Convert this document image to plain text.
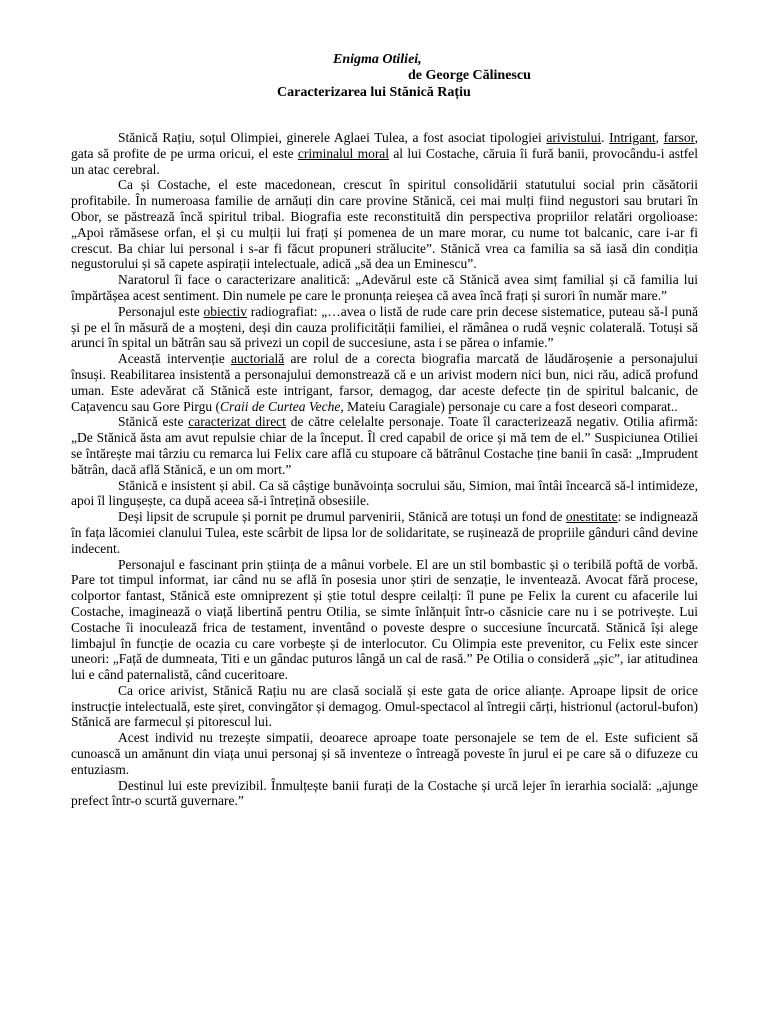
Enigma Otiliei,
de George Călinescu
Caracterizarea lui Stănică Rațiu

Stănică Rațiu, soțul Olimpiei, ginerele Aglaei Tulea, a fost asociat tipologiei arivistului. Intrigant, farsor, gata să profite de pe urma oricui, el este criminalul moral al lui Costache, căruia îi fură banii, provocându-i astfel un atac cerebral.

Ca și Costache, el este macedonean, crescut în spiritul consolidării statutului social prin căsătorii profitabile. În numeroasa familie de arnăuți din care provine Stănică, cei mai mulți fiind negustori sau brutari în Obor, se păstrează încă spiritul tribal. Biografia este reconstituită din perspectiva propriilor relatări orgolioase: „Apoi rămăsese orfan, el și cu mulții lui frați și pomenea de un mare morar, cu nume tot balcanic, care i-ar fi crescut. Ba chiar lui personal i s-ar fi făcut propuneri strălucite”. Stănică vrea ca familia sa să iasă din condiția negustorului și să capete aspirații intelectuale, adică „să dea un Eminescu”.

Naratorul îi face o caracterizare analitică: „Adevărul este că Stănică avea simț familial și că familia lui împărtășea acest sentiment. Din numele pe care le pronunța reieșea că avea încă frați și surori în număr mare.”

Personajul este obiectiv radiografiat: „…avea o listă de rude care prin decese sistematice, puteau să-l pună și pe el în măsură de a moșteni, deși din cauza prolificității familiei, el rămânea o rudă veșnic colaterală. Totuși să arunci în spital un bătrân sau să privezi un copil de succesiune, asta i se părea o infamie.”

Această intervenție auctorială are rolul de a corecta biografia marcată de lăudăroșenie a personajului însuși. Reabilitarea insistentă a personajului demonstrează că e un arivist modern nici bun, nici rău, adică profund uman. Este adevărat că Stănică este intrigant, farsor, demagog, dar aceste defecte țin de spiritul balcanic, de Cațavencu sau Gore Pirgu (Craii de Curtea Veche, Mateiu Caragiale) personaje cu care a fost deseori comparat..

Stănică este caracterizat direct de către celelalte personaje. Toate îl caracterizează negativ. Otilia afirmă: „De Stănică ăsta am avut repulsie chiar de la început. Îl cred capabil de orice și mă tem de el.” Suspiciunea Otiliei se întărește mai târziu cu remarca lui Felix care află cu stupoare că bătrânul Costache ține banii în casă: „Imprudent bătrân, dacă află Stănică, e un om mort.”

Stănică e insistent și abil. Ca să câștige bunăvoința socrului său, Simion, mai întâi încearcă să-l intimideze, apoi îl lingușește, ca după aceea să-i întrețină obsesiile.

Deși lipsit de scrupule și pornit pe drumul parvenirii, Stănică are totuși un fond de onestitate: se indignează în fața lăcomiei clanului Tulea, este scârbit de lipsa lor de solidaritate, se rușinează de propriile gânduri când devine indecent.

Personajul e fascinant prin știința de a mânui vorbele. El are un stil bombastic și o teribilă poftă de vorbă. Pare tot timpul informat, iar când nu se află în posesia unor știri de senzație, le inventează. Avocat fără procese, colportor fantast, Stănică este omniprezent și știe totul despre ceilalți: îl pune pe Felix la curent cu afacerile lui Costache, imaginează o viață libertină pentru Otilia, se simte înlănțuit într-o căsnicie care nu i se potrivește. Lui Costache îi inoculează frica de testament, inventând o poveste despre o succesiune încurcată. Stănică își alege limbajul în funcție de ocazia cu care vorbește și de interlocutor. Cu Olimpia este prevenitor, cu Felix este sincer uneori: „Față de dumneata, Titi e un gândac puturos lângă un cal de rasă.” Pe Otilia o consideră „șic”, iar atitudinea lui e când paternalistă, când cuceritoare.

Ca orice arivist, Stănică Rațiu nu are clasă socială și este gata de orice alianțe. Aproape lipsit de orice instrucție intelectuală, este șiret, convingător și demagog. Omul-spectacol al întregii cărți, histrionul (actorul-bufon) Stănică are farmecul și pitorescul lui.

Acest individ nu trezește simpatii, deoarece aproape toate personajele se tem de el. Este suficient să cunoască un amănunt din viața unui personaj și să inventeze o întreagă poveste în jurul ei pe care să o difuzeze cu entuziasm.

Destinul lui este previzibil. Înmulțește banii furați de la Costache și urcă lejer în ierarhia socială: „ajunge prefect într-o scurtă guvernare.”
